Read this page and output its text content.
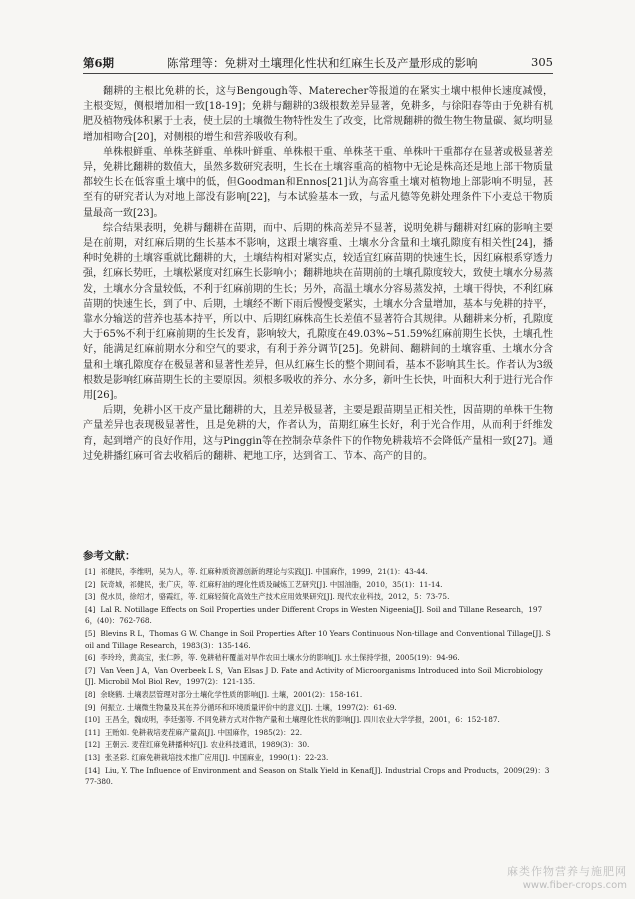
第6期	陈常理等：免耕对土壤理化性状和红麻生长及产量形成的影响	305

翻耕的主根比免耕的长，这与Bengough等、Materecher等报道的在紧实土壤中根伸长速度减慢，主根变短，侧根增加相一致[18-19]；免耕与翻耕的3级根数差异显著，免耕多，与徐阳春等由于免耕有机肥及植物残体积累于土表，使土层的土壤微生物特性发生了改变，比常规翻耕的微生物生物量碳、氮均明显增加相吻合[20]，对侧根的增生和营养吸收有利。

单株根鲜重、单株茎鲜重、单株叶鲜重、单株根干重、单株茎干重、单株叶干重都存在显著或极显著差异，免耕比翻耕的数值大，虽然多数研究表明，生长在土壤容重高的植物中无论是株高还是地上部干物质量都较生长在低容重土壤中的低，但Goodman和Ennos[21]认为高容重土壤对植物地上部影响不明显，甚至有的研究者认为对地上部没有影响[22]，与本试验基本一致，与孟凡德等免耕处理条件下小麦总干物质量最高一致[23]。

综合结果表明，免耕与翻耕在苗期，而中、后期的株高差异不显著，说明免耕与翻耕对红麻的影响主要是在前期，对红麻后期的生长基本不影响，这跟土壤容重、土壤水分含量和土壤孔隙度有相关性[24]，播种时免耕的土壤容重就比翻耕的大，土壤结构相对紧实点，较适宜红麻苗期的快速生长，因红麻根系穿透力强，红麻长势旺，土壤松紧度对红麻生长影响小；翻耕地块在苗期前的土壤孔隙度较大，致使土壤水分易蒸发，土壤水分含量较低，不利于红麻前期的生长；另外，高温土壤水分容易蒸发掉，土壤干得快，不利红麻苗期的快速生长，到了中、后期，土壤经不断下雨后慢慢变紧实，土壤水分含量增加，基本与免耕的持平，靠水分输送的营养也基本持平，所以中、后期红麻株高生长差值不显著符合其规律。从翻耕来分析，孔隙度大于65%不利于红麻前期的生长发育，影响较大，孔隙度在49.03%~51.59%红麻前期生长快，土壤孔性好，能满足红麻前期水分和空气的要求，有利于养分调节[25]。免耕间、翻耕间的土壤容重、土壤水分含量和土壤孔隙度存在极显著和显著性差异，但从红麻生长的整个期间看，基本不影响其生长。作者认为3级根数是影响红麻苗期生长的主要原因。须根多吸收的养分、水分多，新叶生长快，叶面积大利于进行光合作用[26]。

后期，免耕小区干皮产量比翻耕的大，且差异极显著，主要是跟苗期呈正相关性，因苗期的单株干生物产量差异也表现极显著性，且是免耕的大，作者认为，苗期红麻生长好，利于光合作用，从而利于纤维发育，起到增产的良好作用，这与Pinggin等在控制杂草条件下的作物免耕栽培不会降低产量相一致[27]。通过免耕播红麻可省去收稻后的翻耕、耙地工序，达到省工、节本、高产的目的。

参考文献：
[1] 祁健民，李维明，吴为人，等. 红麻种质资源创新的理论与实践[J]. 中国麻作，1999，21(1)：43-44.
[2] 阮奇城，祁健民，张广庆，等. 红麻籽油的理化性质及碱炼工艺研究[J]. 中国油脂，2010，35(1)：11-14.
[3] 倪水员，徐绍才，骆霞红，等. 红麻轻简化高效生产技术应用效果研究[J]. 现代农业科技，2012，5：73-75.
[4] Lal R. Notillage Effects on Soil Properties under Different Crops in Westen Nigeenia[J]. Soil and Tillane Research，1976，(40)：762-768.
[5] Blevins R L，Thomas G W. Change in Soil Properties After 10 Years Continuous Non-tillage and Conventional Tillage[J]. Soil and Tillage Research，1983(3)：135-146.
[6] 李玲玲，黄高宝，张仁陟，等. 免耕秸秆覆盖对旱作农田土壤水分的影响[J]. 水土保持学报，2005(19)：94-96.
[7] Van Veen J A，Van Overbeek L S，Van Elsas J D. Fate and Activity of Microorganisms Introduced into Soil Microbiology[J]. Microbil Mol Biol Rev，1997(2)：121-135.
[8] 余晓鹤. 土壤表层管理对部分土壤化学性质的影响[J]. 土壤，2001(2)：158-161.
[9] 何振立. 土壤微生物量及其在养分循环和环境质量评价中的意义[J]. 土壤，1997(2)：61-69.
[10] 王昌全，魏成明，李廷强等. 不同免耕方式对作物产量和土壤理化性状的影响[J]. 四川农业大学学报，2001，6：152-187.
[11] 王贻如. 免耕栽培麦茬麻产量高[J]. 中国麻作，1985(2)：22.
[12] 王朝云. 麦茬红麻免耕播种好[J]. 农业科技通讯，1989(3)：30.
[13] 张圣彩. 红麻免耕栽培技术推广应用[J]. 中国麻业，1990(1)：22-23.
[14] Liu, Y. The Influence of Environment and Season on Stalk Yield in Kenaf[J]. Industrial Crops and Products，2009(29)：377-380.
麻类作物营养与施肥网
www.fiber-crops.com
